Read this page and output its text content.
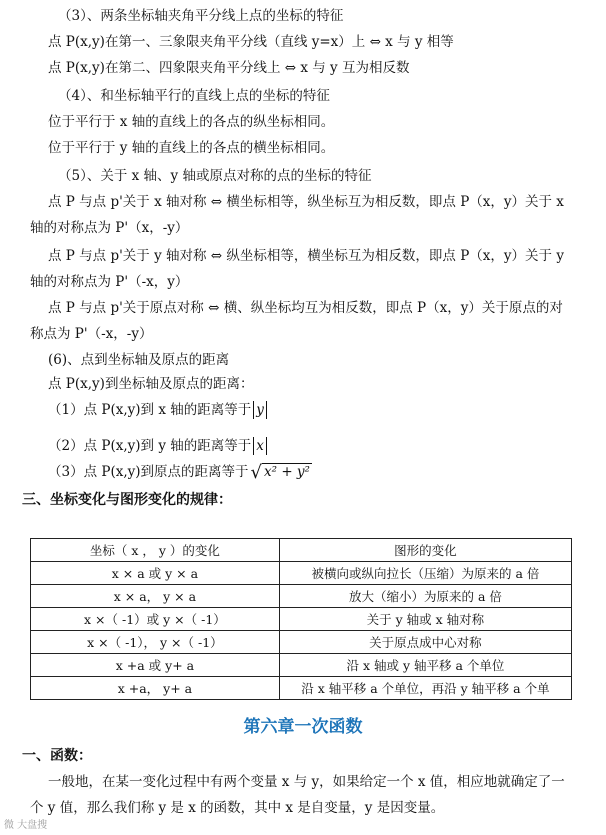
（3）、两条坐标轴夹角平分线上点的坐标的特征
点 P(x,y)在第一、三象限夹角平分线（直线 y=x）上 ⇔ x 与 y 相等
点 P(x,y)在第二、四象限夹角平分线上 ⇔ x 与 y 互为相反数
（4）、和坐标轴平行的直线上点的坐标的特征
位于平行于 x 轴的直线上的各点的纵坐标相同。
位于平行于 y 轴的直线上的各点的横坐标相同。
（5）、关于 x 轴、y 轴或原点对称的点的坐标的特征
点 P 与点 p'关于 x 轴对称 ⇔ 横坐标相等，纵坐标互为相反数，即点 P（x，y）关于 x
轴的对称点为 P'（x，-y）
点 P 与点 p'关于 y 轴对称 ⇔ 纵坐标相等，横坐标互为相反数，即点 P（x，y）关于 y
轴的对称点为 P'（-x，y）
点 P 与点 p'关于原点对称 ⇔ 横、纵坐标均互为相反数，即点 P（x，y）关于原点的对
称点为 P'（-x，-y）
(6)、点到坐标轴及原点的距离
点 P(x,y)到坐标轴及原点的距离：
（1）点 P(x,y)到 x 轴的距离等于 y
（2）点 P(x,y)到 y 轴的距离等于 x
（3）点 P(x,y)到原点的距离等于 √ x² + y²
三、坐标变化与图形变化的规律：
坐标（ x ， y ）的变化	图形的变化
x × a 或 y × a	被横向或纵向拉长（压缩）为原来的 a 倍
x × a， y × a	放大（缩小）为原来的 a 倍
x ×（ -1）或 y ×（ -1）	关于 y 轴或 x 轴对称
x ×（ -1）， y ×（ -1）	关于原点成中心对称
x +a 或 y+ a	沿 x 轴或 y 轴平移 a 个单位
x +a， y+ a	沿 x 轴平移 a 个单位，再沿 y 轴平移 a 个单
第六章一次函数
一、函数：
一般地，在某一变化过程中有两个变量 x 与 y，如果给定一个 x 值，相应地就确定了一
个 y 值，那么我们称 y 是 x 的函数，其中 x 是自变量，y 是因变量。
微 大盘搜
